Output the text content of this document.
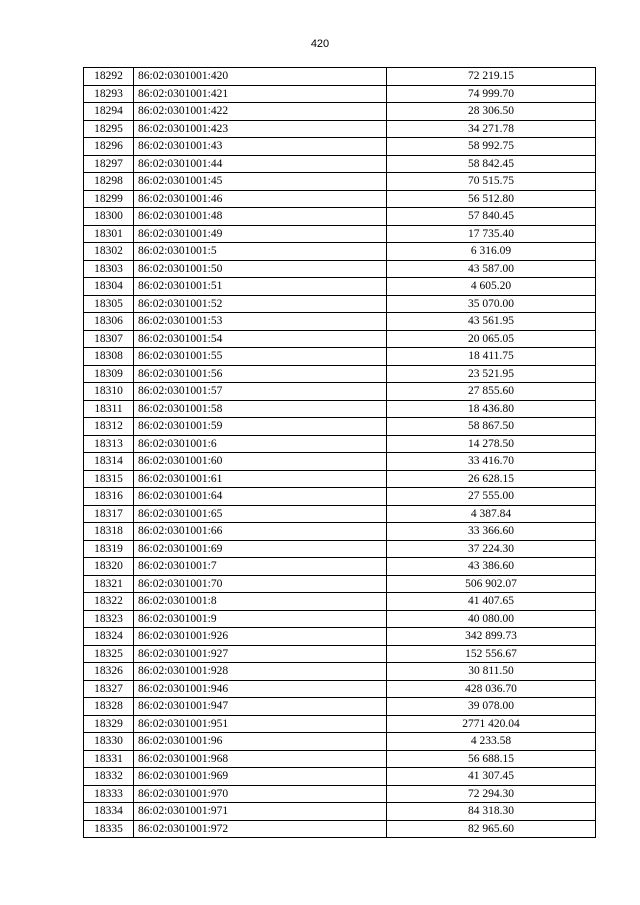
420
18292	86:02:0301001:420	72 219.15
18293	86:02:0301001:421	74 999.70
18294	86:02:0301001:422	28 306.50
18295	86:02:0301001:423	34 271.78
18296	86:02:0301001:43	58 992.75
18297	86:02:0301001:44	58 842.45
18298	86:02:0301001:45	70 515.75
18299	86:02:0301001:46	56 512.80
18300	86:02:0301001:48	57 840.45
18301	86:02:0301001:49	17 735.40
18302	86:02:0301001:5	6 316.09
18303	86:02:0301001:50	43 587.00
18304	86:02:0301001:51	4 605.20
18305	86:02:0301001:52	35 070.00
18306	86:02:0301001:53	43 561.95
18307	86:02:0301001:54	20 065.05
18308	86:02:0301001:55	18 411.75
18309	86:02:0301001:56	23 521.95
18310	86:02:0301001:57	27 855.60
18311	86:02:0301001:58	18 436.80
18312	86:02:0301001:59	58 867.50
18313	86:02:0301001:6	14 278.50
18314	86:02:0301001:60	33 416.70
18315	86:02:0301001:61	26 628.15
18316	86:02:0301001:64	27 555.00
18317	86:02:0301001:65	4 387.84
18318	86:02:0301001:66	33 366.60
18319	86:02:0301001:69	37 224.30
18320	86:02:0301001:7	43 386.60
18321	86:02:0301001:70	506 902.07
18322	86:02:0301001:8	41 407.65
18323	86:02:0301001:9	40 080.00
18324	86:02:0301001:926	342 899.73
18325	86:02:0301001:927	152 556.67
18326	86:02:0301001:928	30 811.50
18327	86:02:0301001:946	428 036.70
18328	86:02:0301001:947	39 078.00
18329	86:02:0301001:951	2771 420.04
18330	86:02:0301001:96	4 233.58
18331	86:02:0301001:968	56 688.15
18332	86:02:0301001:969	41 307.45
18333	86:02:0301001:970	72 294.30
18334	86:02:0301001:971	84 318.30
18335	86:02:0301001:972	82 965.60
